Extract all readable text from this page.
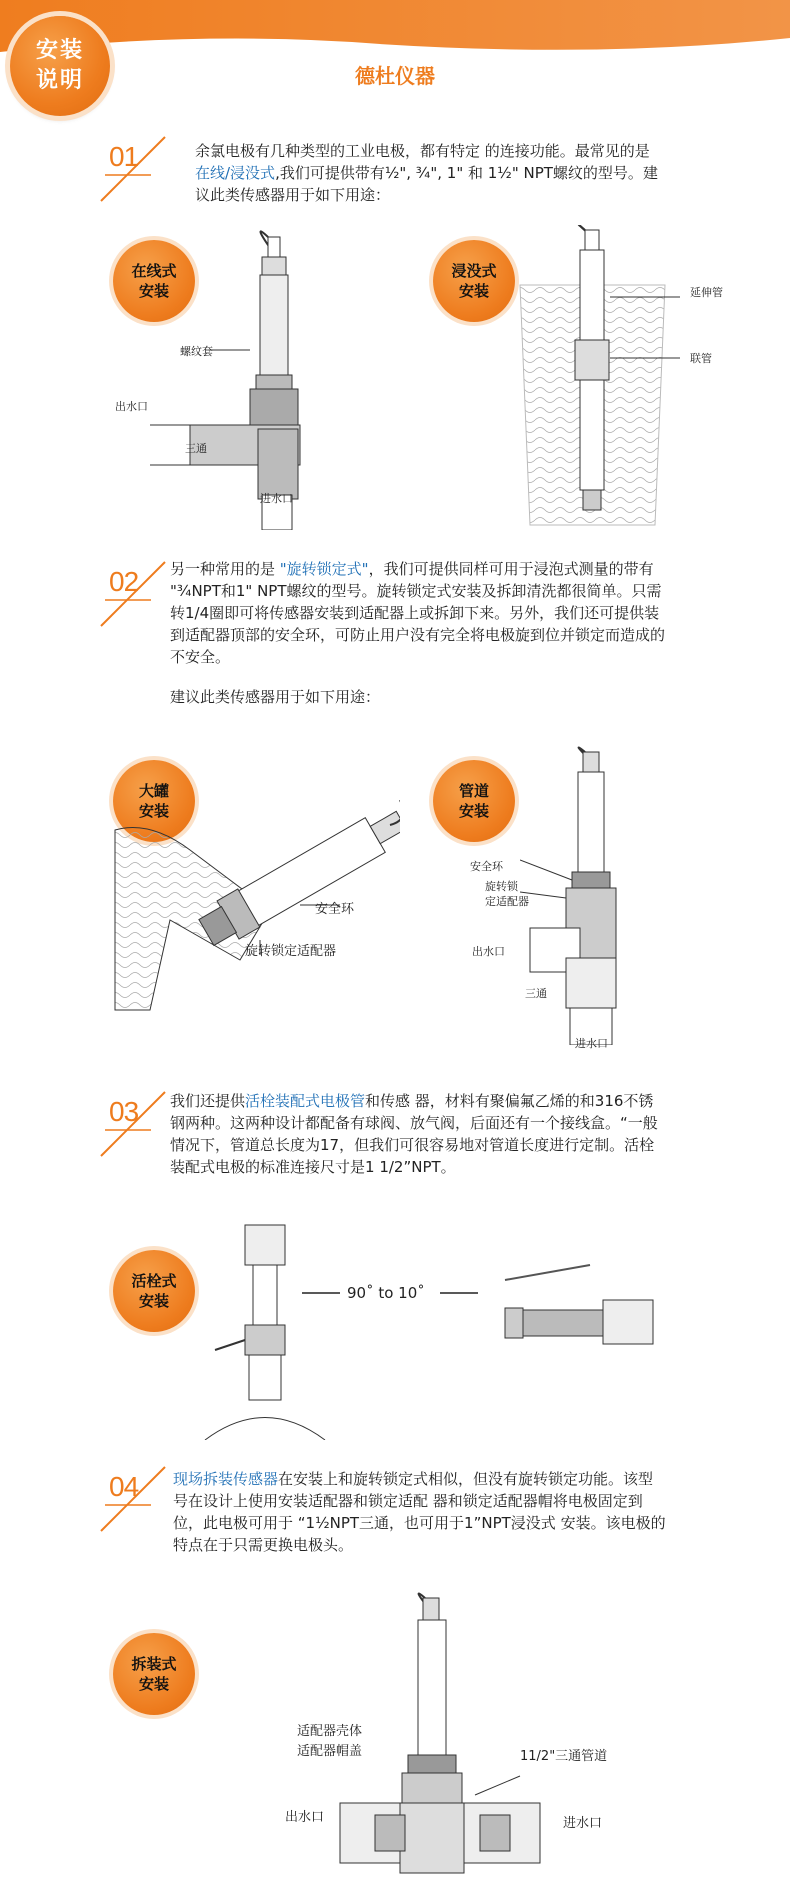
安装
说明	德杜仪器
01	余氯电极有几种类型的工业电极，都有特定 的连接功能。最常见的是 在线/浸没式,我们可提供带有½", ¾", 1" 和 1½" NPT螺纹的型号。建议此类传感器用于如下用途：
在线式
安装
螺纹套
出水口
三通
进水口
浸没式
安装	延伸管
联管
02 另一种常用的是 "旋转锁定式"，我们可提供同样可用于浸泡式测量的带有 "¾NPT和1" NPT螺纹的型号。旋转锁定式安装及拆卸清洗都很简单。只需转1/4圈即可将传感器安装到适配器上或拆卸下来。另外，我们还可提供装到适配器顶部的安全环，可防止用户没有完全将电极旋到位并锁定而造成的不安全。
建议此类传感器用于如下用途：
大罐
安装
安全环
旋转锁定适配器
管道
安装
安全环
旋转锁
定适配器
出水口
三通
进水口
03 我们还提供活栓装配式电极管和传感 器，材料有聚偏氟乙烯的和316不锈钢两种。这两种设计都配备有球阀、放气阀，后面还有一个接线盒。“一般情况下，管道总长度为17，但我们可很容易地对管道长度进行定制。活栓装配式电极的标准连接尺寸是1 1/2”NPT。
活栓式
安装	90˚ to 10˚
04 现场拆装传感器在安装上和旋转锁定式相似，但没有旋转锁定功能。该型号在设计上使用安装适配器和锁定适配 器和锁定适配器帽将电极固定到位，此电极可用于 “1½NPT三通，也可用于1”NPT浸没式 安装。该电极的特点在于只需更换电极头。
拆装式
安装
适配器壳体
适配器帽盖	11/2"三通管道
出水口	进水口
